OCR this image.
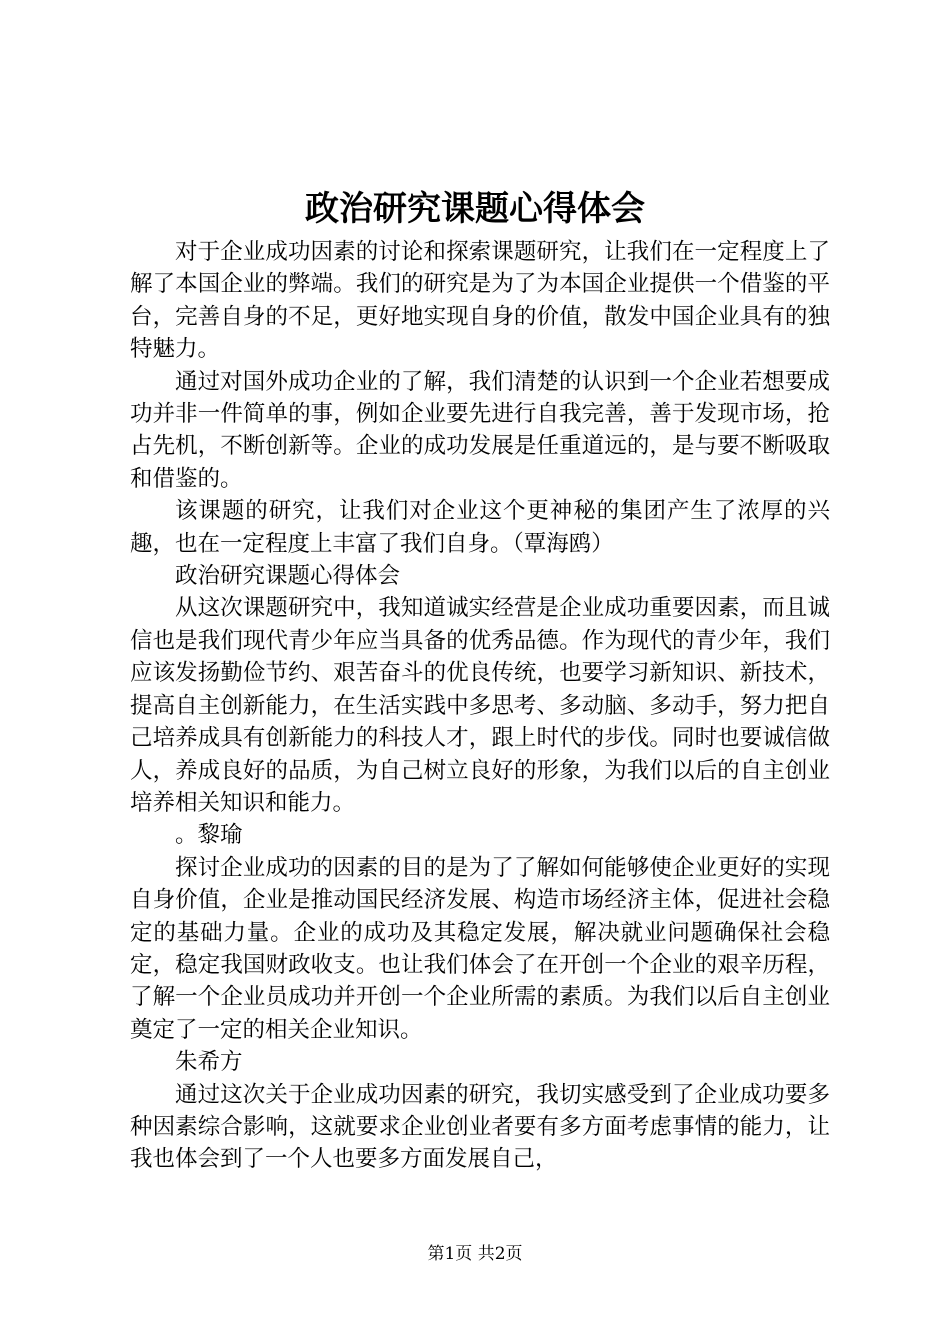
政治研究课题心得体会

对于企业成功因素的讨论和探索课题研究，让我们在一定程度上了解了本国企业的弊端。我们的研究是为了为本国企业提供一个借鉴的平台，完善自身的不足，更好地实现自身的价值，散发中国企业具有的独特魅力。

通过对国外成功企业的了解，我们清楚的认识到一个企业若想要成功并非一件简单的事，例如企业要先进行自我完善，善于发现市场，抢占先机，不断创新等。企业的成功发展是任重道远的，是与要不断吸取和借鉴的。

该课题的研究，让我们对企业这个更神秘的集团产生了浓厚的兴趣，也在一定程度上丰富了我们自身。（覃海鸥）

政治研究课题心得体会

从这次课题研究中，我知道诚实经营是企业成功重要因素，而且诚信也是我们现代青少年应当具备的优秀品德。作为现代的青少年，我们应该发扬勤俭节约、艰苦奋斗的优良传统，也要学习新知识、新技术，提高自主创新能力，在生活实践中多思考、多动脑、多动手，努力把自己培养成具有创新能力的科技人才，跟上时代的步伐。同时也要诚信做人，养成良好的品质，为自己树立良好的形象，为我们以后的自主创业培养相关知识和能力。

。黎瑜

探讨企业成功的因素的目的是为了了解如何能够使企业更好的实现自身价值，企业是推动国民经济发展、构造市场经济主体，促进社会稳定的基础力量。企业的成功及其稳定发展，解决就业问题确保社会稳定，稳定我国财政收支。也让我们体会了在开创一个企业的艰辛历程，了解一个企业员成功并开创一个企业所需的素质。为我们以后自主创业奠定了一定的相关企业知识。

朱希方

通过这次关于企业成功因素的研究，我切实感受到了企业成功要多种因素综合影响，这就要求企业创业者要有多方面考虑事情的能力，让我也体会到了一个人也要多方面发展自己，

第1页 共2页
